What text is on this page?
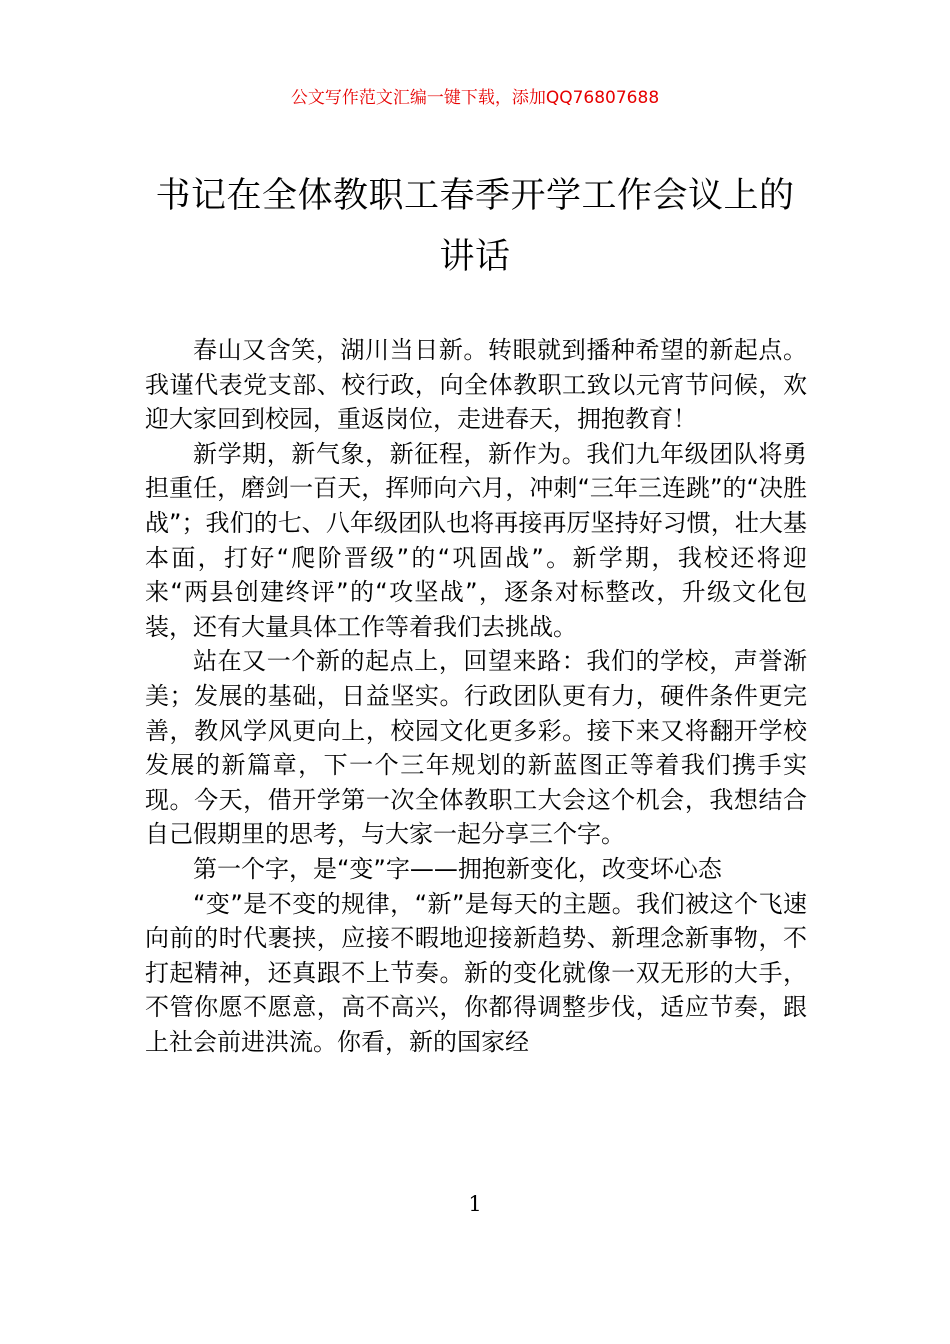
公文写作范文汇编一键下载，添加QQ76807688
书记在全体教职工春季开学工作会议上的讲话

春山又含笑，湖川当日新。转眼就到播种希望的新起点。我谨代表党支部、校行政，向全体教职工致以元宵节问候，欢迎大家回到校园，重返岗位，走进春天，拥抱教育！

新学期，新气象，新征程，新作为。我们九年级团队将勇担重任，磨剑一百天，挥师向六月，冲刺“三年三连跳”的“决胜战”；我们的七、八年级团队也将再接再厉坚持好习惯，壮大基本面，打好“爬阶晋级”的“巩固战”。新学期，我校还将迎来“两县创建终评”的“攻坚战”，逐条对标整改，升级文化包装，还有大量具体工作等着我们去挑战。

站在又一个新的起点上，回望来路：我们的学校，声誉渐美；发展的基础，日益坚实。行政团队更有力，硬件条件更完善，教风学风更向上，校园文化更多彩。接下来又将翻开学校发展的新篇章，下一个三年规划的新蓝图正等着我们携手实现。今天，借开学第一次全体教职工大会这个机会，我想结合自己假期里的思考，与大家一起分享三个字。

第一个字，是“变”字——拥抱新变化，改变坏心态

“变”是不变的规律，“新”是每天的主题。我们被这个飞速向前的时代裹挟，应接不暇地迎接新趋势、新理念新事物，不打起精神，还真跟不上节奏。新的变化就像一双无形的大手，不管你愿不愿意，高不高兴，你都得调整步伐，适应节奏，跟上社会前进洪流。你看，新的国家经

1
